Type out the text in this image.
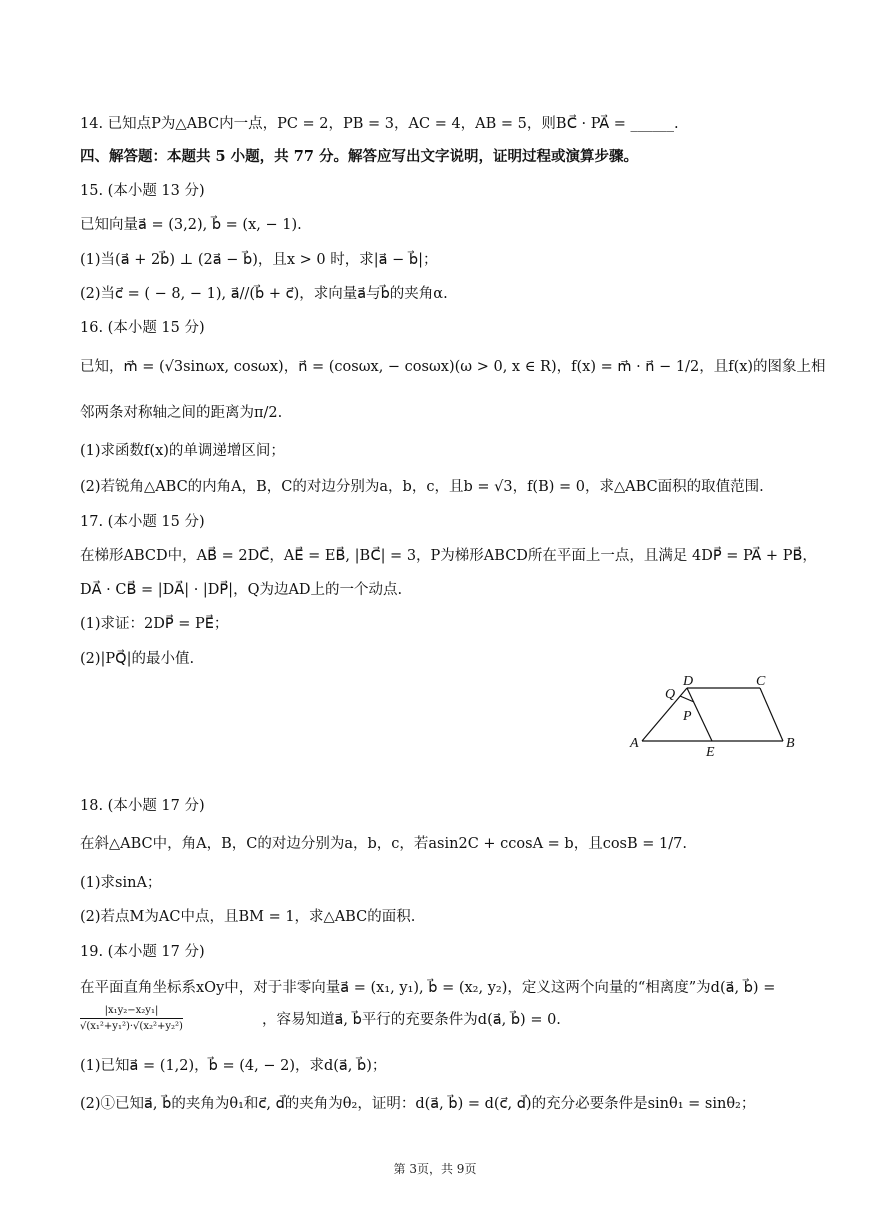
14. 已知点P为△ABC内一点，PC = 2，PB = 3，AC = 4，AB = 5，则BC⃗ · PA⃗ = ______.
四、解答题：本题共 5 小题，共 77 分。解答应写出文字说明，证明过程或演算步骤。
15. (本小题 13 分)
已知向量a⃗ = (3,2), b⃗ = (x, − 1).
(1)当(a⃗ + 2b⃗) ⊥ (2a⃗ − b⃗)，且x > 0 时，求|a⃗ − b⃗|；
(2)当c⃗ = ( − 8, − 1), a⃗//(b⃗ + c⃗)，求向量a⃗与b⃗的夹角α.
16. (本小题 15 分)
已知，m⃗ = (√3sinωx, cosωx)，n⃗ = (cosωx, − cosωx)(ω > 0, x ∈ R)，f(x) = m⃗ · n⃗ − 1/2，且f(x)的图象上相
邻两条对称轴之间的距离为π/2.
(1)求函数f(x)的单调递增区间；
(2)若锐角△ABC的内角A，B，C的对边分别为a，b，c，且b = √3，f(B) = 0，求△ABC面积的取值范围.
17. (本小题 15 分)
在梯形ABCD中，AB⃗ = 2DC⃗，AE⃗ = EB⃗, |BC⃗| = 3，P为梯形ABCD所在平面上一点，且满足 4DP⃗ = PA⃗ + PB⃗，
DA⃗ · CB⃗ = |DA⃗| · |DP⃗|，Q为边AD上的一个动点.
(1)求证：2DP⃗ = PE⃗；
(2)|PQ⃗|的最小值.
A	B
C
D
E
P
Q
18. (本小题 17 分)
在斜△ABC中，角A，B，C的对边分别为a，b，c，若asin2C + ccosA = b，且cosB = 1/7.
(1)求sinA；
(2)若点M为AC中点，且BM = 1，求△ABC的面积.
19. (本小题 17 分)
在平面直角坐标系xOy中，对于非零向量a⃗ = (x₁, y₁), b⃗ = (x₂, y₂)，定义这两个向量的“相离度”为d(a⃗, b⃗) =
$\frac{\text{|x₁y₂−x₂y₁|}}{\text{√(x₁²+y₁²)·√(x₂²+y₂²)}}$	，容易知道a⃗, b⃗平行的充要条件为d(a⃗, b⃗) = 0.
(1)已知a⃗ = (1,2)，b⃗ = (4, − 2)，求d(a⃗, b⃗)；
(2)①已知a⃗, b⃗的夹角为θ₁和c⃗, d⃗的夹角为θ₂，证明：d(a⃗, b⃗) = d(c⃗, d⃗)的充分必要条件是sinθ₁ = sinθ₂；
第 3页，共 9页
